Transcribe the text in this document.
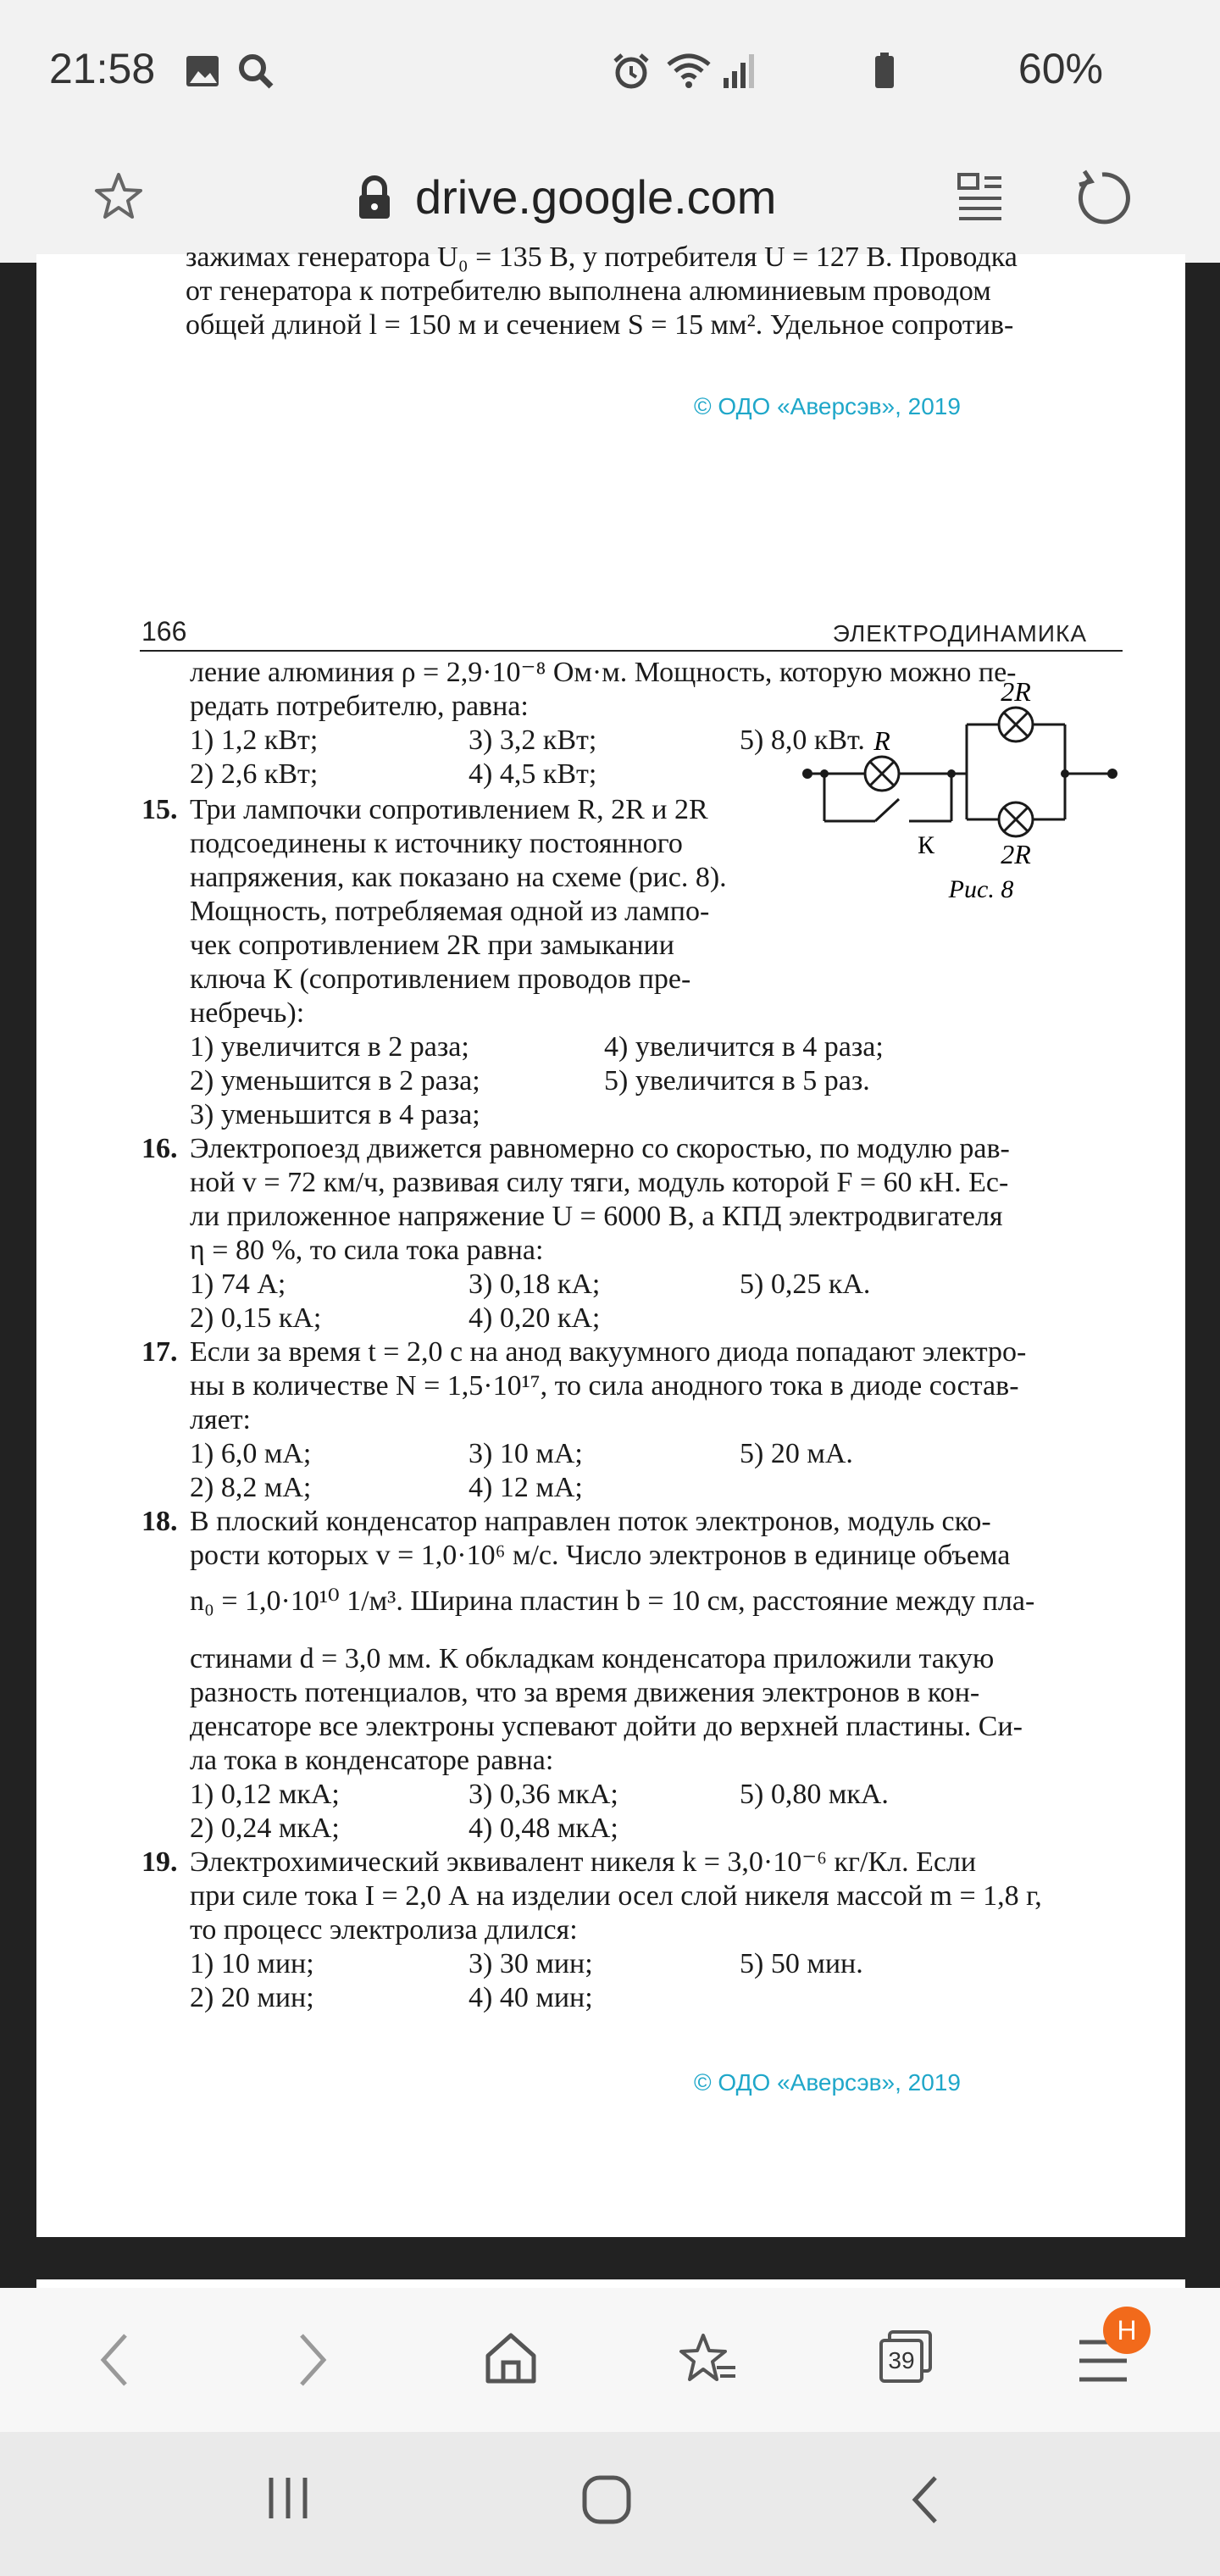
21:58	60%
drive.google.com
зажимах генератора U₀ = 135 В, у потребителя U = 127 В. Проводка
от генератора к потребителю выполнена алюминиевым проводом
общей длиной l = 150 м и сечением S = 15 мм². Удельное сопротив-
© ОДО «Аверсэв», 2019
166	ЭЛЕКТРОДИНАМИКА
ление алюминия ρ = 2,9·10⁻⁸ Ом·м. Мощность, которую можно пе-
редать потребителю, равна:
1) 1,2 кВт;	3) 3,2 кВт;	5) 8,0 кВт.
2) 2,6 кВт;	4) 4,5 кВт;
15. Три лампочки сопротивлением R, 2R и 2R
подсоединены к источнику постоянного
напряжения, как показано на схеме (рис. 8).
Мощность, потребляемая одной из лампо-
чек сопротивлением 2R при замыкании
ключа К (сопротивлением проводов пре-
небречь):
1) увеличится в 2 раза;	4) увеличится в 4 раза;
2) уменьшится в 2 раза;	5) увеличится в 5 раз.
3) уменьшится в 4 раза;
R
2R
2R
К
Рис. 8
16. Электропоезд движется равномерно со скоростью, по модулю рав-
ной v = 72 км/ч, развивая силу тяги, модуль которой F = 60 кН. Ес-
ли приложенное напряжение U = 6000 В, а КПД электродвигателя
η = 80 %, то сила тока равна:
1) 74 А;	3) 0,18 кА;	5) 0,25 кА.
2) 0,15 кА;	4) 0,20 кА;
17. Если за время t = 2,0 с на анод вакуумного диода попадают электро-
ны в количестве N = 1,5·10¹⁷, то сила анодного тока в диоде состав-
ляет:
1) 6,0 мА;	3) 10 мА;	5) 20 мА.
2) 8,2 мА;	4) 12 мА;
18. В плоский конденсатор направлен поток электронов, модуль ско-
рости которых v = 1,0·10⁶ м/с. Число электронов в единице объема
n₀ = 1,0·10¹⁰ 1/м³. Ширина пластин b = 10 см, расстояние между пла-
стинами d = 3,0 мм. К обкладкам конденсатора приложили такую
разность потенциалов, что за время движения электронов в кон-
денсаторе все электроны успевают дойти до верхней пластины. Си-
ла тока в конденсаторе равна:
1) 0,12 мкА;	3) 0,36 мкА;	5) 0,80 мкА.
2) 0,24 мкА;	4) 0,48 мкА;
19. Электрохимический эквивалент никеля k = 3,0·10⁻⁶ кг/Кл. Если
при силе тока I = 2,0 А на изделии осел слой никеля массой m = 1,8 г,
то процесс электролиза длился:
1) 10 мин;	3) 30 мин;	5) 50 мин.
2) 20 мин;	4) 40 мин;
© ОДО «Аверсэв», 2019
39
H
